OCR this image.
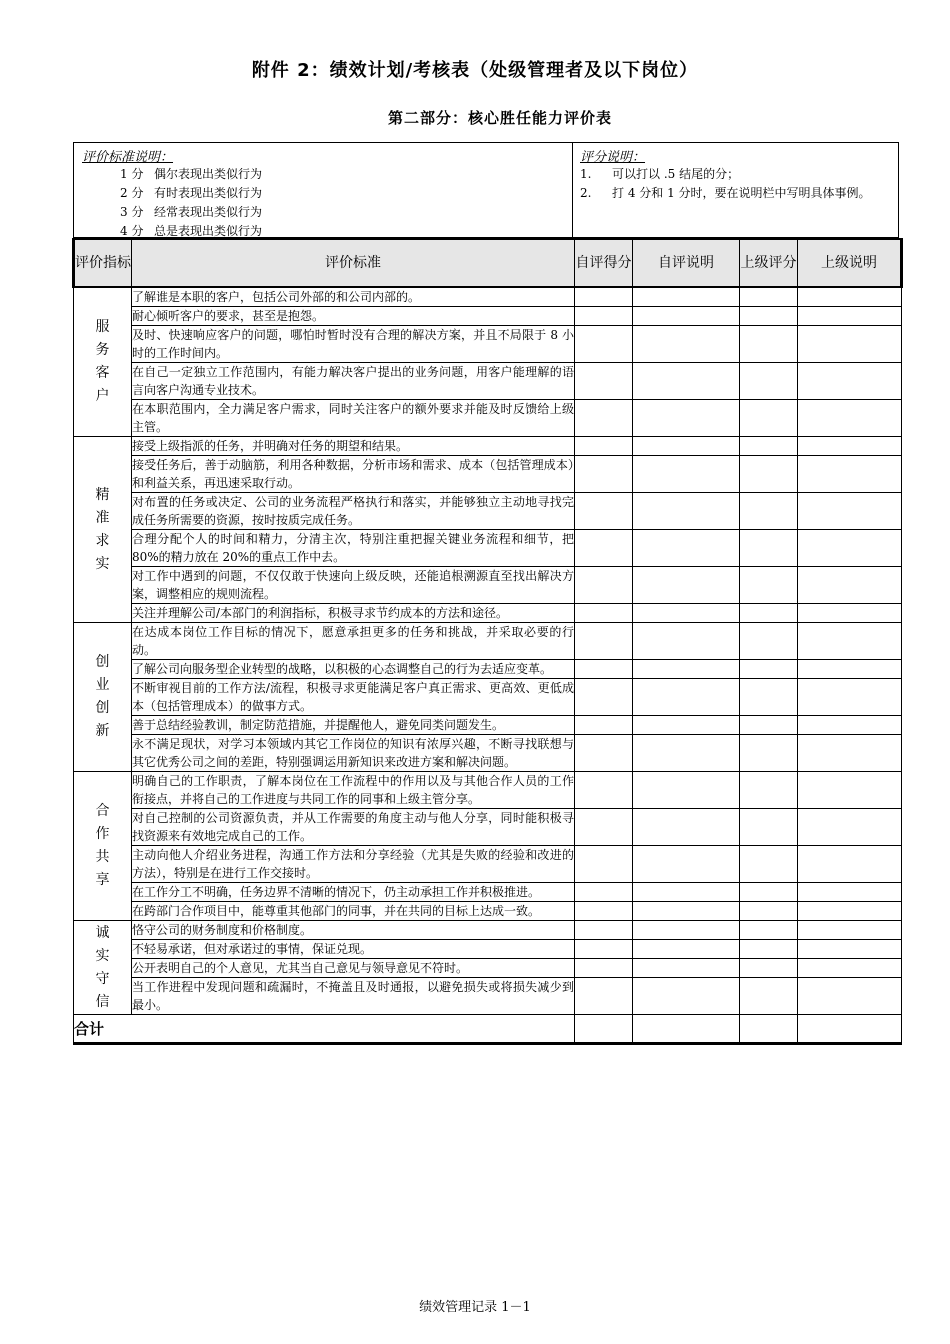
附件 2：绩效计划/考核表（处级管理者及以下岗位）
第二部分：核心胜任能力评价表
评价标准说明：
1 分 偶尔表现出类似行为
2 分 有时表现出类似行为
3 分 经常表现出类似行为
4 分 总是表现出类似行为
评分说明：
1.	可以打以 .5 结尾的分；
2.	打 4 分和 1 分时，要在说明栏中写明具体事例。
评价指标	评价标准	自评得分	自评说明	上级评分	上级说明
服务客户	了解谁是本职的客户，包括公司外部的和公司内部的。				
	耐心倾听客户的要求，甚至是抱怨。				
	及时、快速响应客户的问题，哪怕时暂时没有合理的解决方案，并且不局限于 8 小时的工作时间内。				
	在自己一定独立工作范围内，有能力解决客户提出的业务问题，用客户能理解的语言向客户沟通专业技术。				
	在本职范围内，全力满足客户需求，同时关注客户的额外要求并能及时反馈给上级主管。				
精准求实	接受上级指派的任务，并明确对任务的期望和结果。				
	接受任务后，善于动脑筋，利用各种数据，分析市场和需求、成本（包括管理成本）和利益关系，再迅速采取行动。				
	对布置的任务或决定、公司的业务流程严格执行和落实，并能够独立主动地寻找完成任务所需要的资源，按时按质完成任务。				
	合理分配个人的时间和精力，分清主次，特别注重把握关键业务流程和细节，把 80%的精力放在 20%的重点工作中去。				
	对工作中遇到的问题，不仅仅敢于快速向上级反映，还能追根溯源直至找出解决方案，调整相应的规则流程。				
	关注并理解公司/本部门的利润指标，积极寻求节约成本的方法和途径。				
创业创新	在达成本岗位工作目标的情况下，愿意承担更多的任务和挑战，并采取必要的行动。				
	了解公司向服务型企业转型的战略，以积极的心态调整自己的行为去适应变革。				
	不断审视目前的工作方法/流程，积极寻求更能满足客户真正需求、更高效、更低成本（包括管理成本）的做事方式。				
	善于总结经验教训，制定防范措施，并提醒他人，避免同类问题发生。				
	永不满足现状，对学习本领域内其它工作岗位的知识有浓厚兴趣，不断寻找联想与其它优秀公司之间的差距，特别强调运用新知识来改进方案和解决问题。				
合作共享	明确自己的工作职责，了解本岗位在工作流程中的作用以及与其他合作人员的工作衔接点，并将自己的工作进度与共同工作的同事和上级主管分享。				
	对自己控制的公司资源负责，并从工作需要的角度主动与他人分享，同时能积极寻找资源来有效地完成自己的工作。				
	主动向他人介绍业务进程，沟通工作方法和分享经验（尤其是失败的经验和改进的方法），特别是在进行工作交接时。				
	在工作分工不明确，任务边界不清晰的情况下，仍主动承担工作并积极推进。				
	在跨部门合作项目中，能尊重其他部门的同事，并在共同的目标上达成一致。				
诚实守信	恪守公司的财务制度和价格制度。				
	不轻易承诺，但对承诺过的事情，保证兑现。				
	公开表明自己的个人意见，尤其当自己意见与领导意见不符时。				
	当工作进程中发现问题和疏漏时，不掩盖且及时通报，以避免损失或将损失减少到最小。				
合计					
绩效管理记录 1－1
